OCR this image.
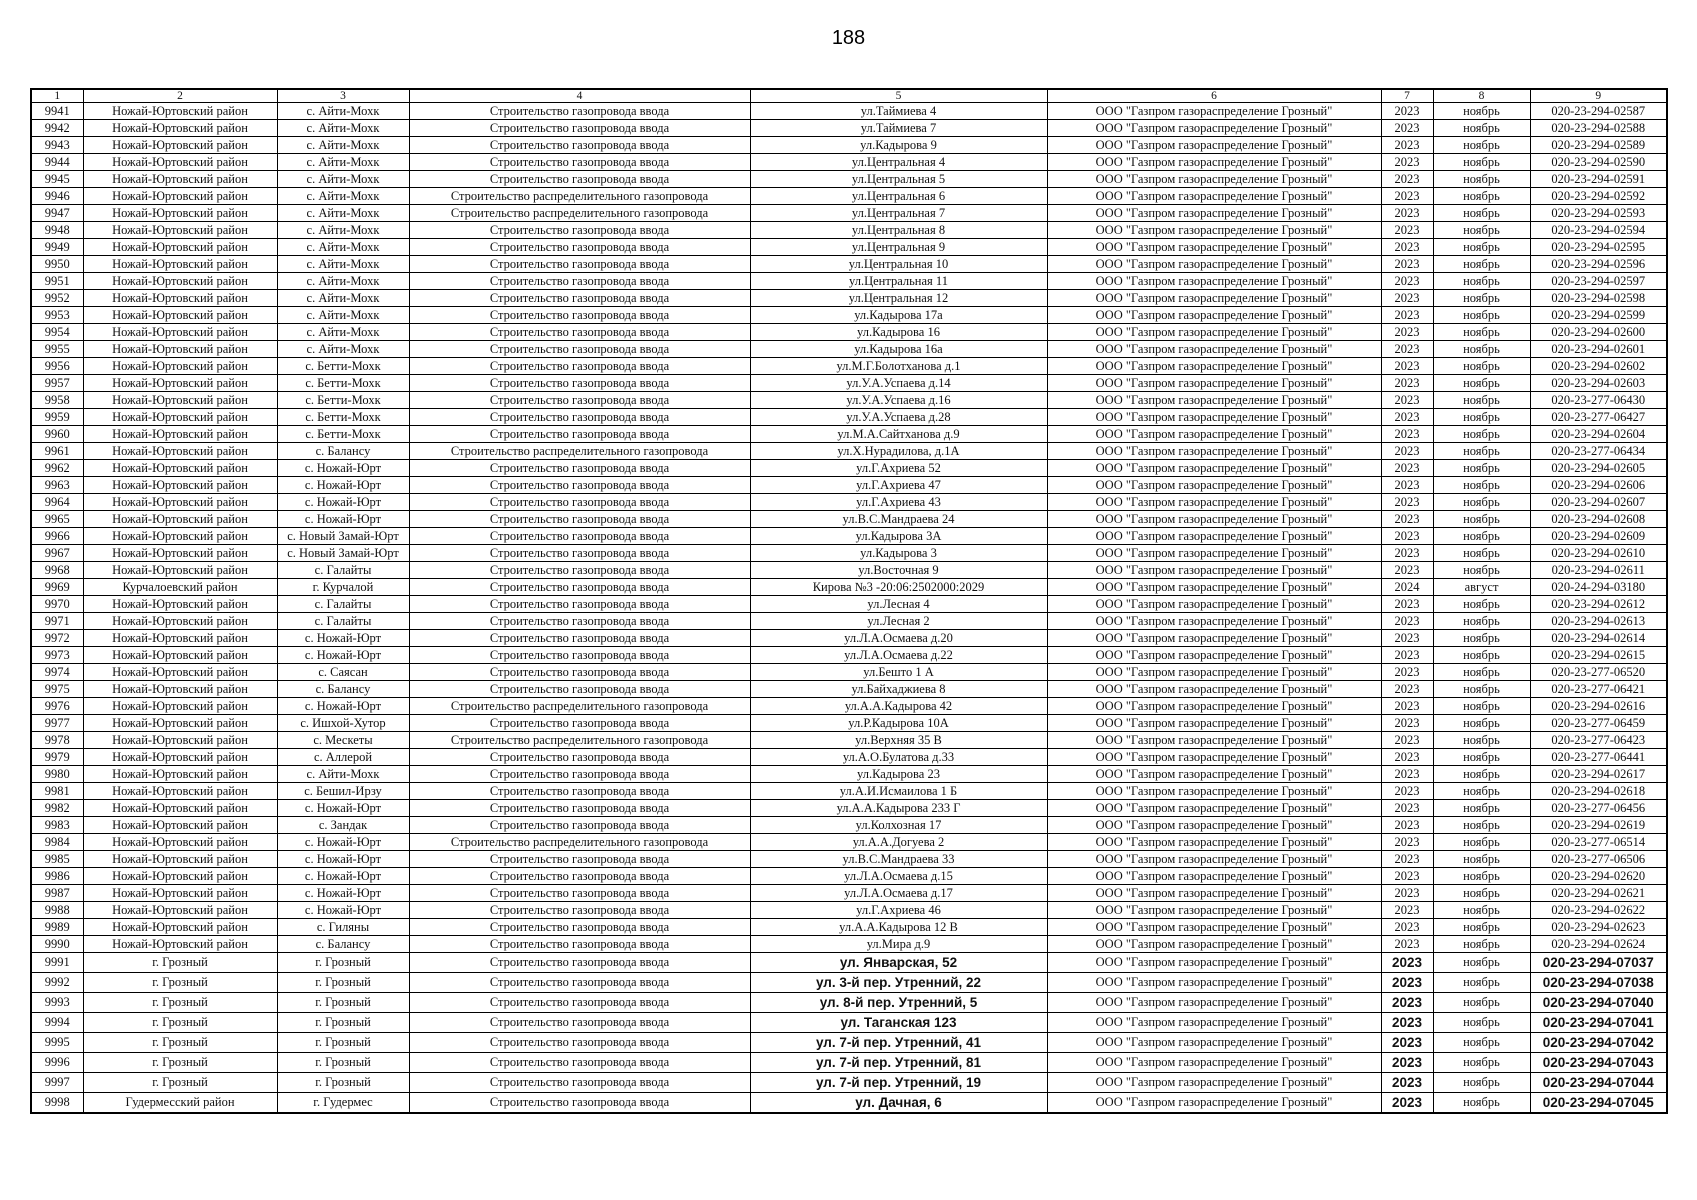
188
1	2	3	4	5	6	7	8	9
9941	Ножай-Юртовский район	с. Айти-Мохк	Строительство газопровода ввода	ул.Таймиева 4	ООО "Газпром газораспределение Грозный"	2023	ноябрь	020-23-294-02587
9942	Ножай-Юртовский район	с. Айти-Мохк	Строительство газопровода ввода	ул.Таймиева 7	ООО "Газпром газораспределение Грозный"	2023	ноябрь	020-23-294-02588
9943	Ножай-Юртовский район	с. Айти-Мохк	Строительство газопровода ввода	ул.Кадырова 9	ООО "Газпром газораспределение Грозный"	2023	ноябрь	020-23-294-02589
9944	Ножай-Юртовский район	с. Айти-Мохк	Строительство газопровода ввода	ул.Центральная 4	ООО "Газпром газораспределение Грозный"	2023	ноябрь	020-23-294-02590
9945	Ножай-Юртовский район	с. Айти-Мохк	Строительство газопровода ввода	ул.Центральная 5	ООО "Газпром газораспределение Грозный"	2023	ноябрь	020-23-294-02591
9946	Ножай-Юртовский район	с. Айти-Мохк	Строительство распределительного газопровода	ул.Центральная 6	ООО "Газпром газораспределение Грозный"	2023	ноябрь	020-23-294-02592
9947	Ножай-Юртовский район	с. Айти-Мохк	Строительство распределительного газопровода	ул.Центральная 7	ООО "Газпром газораспределение Грозный"	2023	ноябрь	020-23-294-02593
9948	Ножай-Юртовский район	с. Айти-Мохк	Строительство газопровода ввода	ул.Центральная 8	ООО "Газпром газораспределение Грозный"	2023	ноябрь	020-23-294-02594
9949	Ножай-Юртовский район	с. Айти-Мохк	Строительство газопровода ввода	ул.Центральная 9	ООО "Газпром газораспределение Грозный"	2023	ноябрь	020-23-294-02595
9950	Ножай-Юртовский район	с. Айти-Мохк	Строительство газопровода ввода	ул.Центральная 10	ООО "Газпром газораспределение Грозный"	2023	ноябрь	020-23-294-02596
9951	Ножай-Юртовский район	с. Айти-Мохк	Строительство газопровода ввода	ул.Центральная 11	ООО "Газпром газораспределение Грозный"	2023	ноябрь	020-23-294-02597
9952	Ножай-Юртовский район	с. Айти-Мохк	Строительство газопровода ввода	ул.Центральная 12	ООО "Газпром газораспределение Грозный"	2023	ноябрь	020-23-294-02598
9953	Ножай-Юртовский район	с. Айти-Мохк	Строительство газопровода ввода	ул.Кадырова 17а	ООО "Газпром газораспределение Грозный"	2023	ноябрь	020-23-294-02599
9954	Ножай-Юртовский район	с. Айти-Мохк	Строительство газопровода ввода	ул.Кадырова 16	ООО "Газпром газораспределение Грозный"	2023	ноябрь	020-23-294-02600
9955	Ножай-Юртовский район	с. Айти-Мохк	Строительство газопровода ввода	ул.Кадырова 16а	ООО "Газпром газораспределение Грозный"	2023	ноябрь	020-23-294-02601
9956	Ножай-Юртовский район	с. Бетти-Мохк	Строительство газопровода ввода	ул.М.Г.Болотханова д.1	ООО "Газпром газораспределение Грозный"	2023	ноябрь	020-23-294-02602
9957	Ножай-Юртовский район	с. Бетти-Мохк	Строительство газопровода ввода	ул.У.А.Успаева д.14	ООО "Газпром газораспределение Грозный"	2023	ноябрь	020-23-294-02603
9958	Ножай-Юртовский район	с. Бетти-Мохк	Строительство газопровода ввода	ул.У.А.Успаева д.16	ООО "Газпром газораспределение Грозный"	2023	ноябрь	020-23-277-06430
9959	Ножай-Юртовский район	с. Бетти-Мохк	Строительство газопровода ввода	ул.У.А.Успаева д.28	ООО "Газпром газораспределение Грозный"	2023	ноябрь	020-23-277-06427
9960	Ножай-Юртовский район	с. Бетти-Мохк	Строительство газопровода ввода	ул.М.А.Сайтханова д.9	ООО "Газпром газораспределение Грозный"	2023	ноябрь	020-23-294-02604
9961	Ножай-Юртовский район	с. Балансу	Строительство распределительного газопровода	ул.Х.Нурадилова, д.1А	ООО "Газпром газораспределение Грозный"	2023	ноябрь	020-23-277-06434
9962	Ножай-Юртовский район	с. Ножай-Юрт	Строительство газопровода ввода	ул.Г.Ахриева 52	ООО "Газпром газораспределение Грозный"	2023	ноябрь	020-23-294-02605
9963	Ножай-Юртовский район	с. Ножай-Юрт	Строительство газопровода ввода	ул.Г.Ахриева 47	ООО "Газпром газораспределение Грозный"	2023	ноябрь	020-23-294-02606
9964	Ножай-Юртовский район	с. Ножай-Юрт	Строительство газопровода ввода	ул.Г.Ахриева 43	ООО "Газпром газораспределение Грозный"	2023	ноябрь	020-23-294-02607
9965	Ножай-Юртовский район	с. Ножай-Юрт	Строительство газопровода ввода	ул.В.С.Мандраева 24	ООО "Газпром газораспределение Грозный"	2023	ноябрь	020-23-294-02608
9966	Ножай-Юртовский район	с. Новый Замай-Юрт	Строительство газопровода ввода	ул.Кадырова 3А	ООО "Газпром газораспределение Грозный"	2023	ноябрь	020-23-294-02609
9967	Ножай-Юртовский район	с. Новый Замай-Юрт	Строительство газопровода ввода	ул.Кадырова 3	ООО "Газпром газораспределение Грозный"	2023	ноябрь	020-23-294-02610
9968	Ножай-Юртовский район	с. Галайты	Строительство газопровода ввода	ул.Восточная 9	ООО "Газпром газораспределение Грозный"	2023	ноябрь	020-23-294-02611
9969	Курчалоевский район	г. Курчалой	Строительство газопровода ввода	Кирова №3 -20:06:2502000:2029	ООО "Газпром газораспределение Грозный"	2024	август	020-24-294-03180
9970	Ножай-Юртовский район	с. Галайты	Строительство газопровода ввода	ул.Лесная 4	ООО "Газпром газораспределение Грозный"	2023	ноябрь	020-23-294-02612
9971	Ножай-Юртовский район	с. Галайты	Строительство газопровода ввода	ул.Лесная 2	ООО "Газпром газораспределение Грозный"	2023	ноябрь	020-23-294-02613
9972	Ножай-Юртовский район	с. Ножай-Юрт	Строительство газопровода ввода	ул.Л.А.Осмаева д.20	ООО "Газпром газораспределение Грозный"	2023	ноябрь	020-23-294-02614
9973	Ножай-Юртовский район	с. Ножай-Юрт	Строительство газопровода ввода	ул.Л.А.Осмаева д.22	ООО "Газпром газораспределение Грозный"	2023	ноябрь	020-23-294-02615
9974	Ножай-Юртовский район	с. Саясан	Строительство газопровода ввода	ул.Бешто 1 А	ООО "Газпром газораспределение Грозный"	2023	ноябрь	020-23-277-06520
9975	Ножай-Юртовский район	с. Балансу	Строительство газопровода ввода	ул.Байхаджиева 8	ООО "Газпром газораспределение Грозный"	2023	ноябрь	020-23-277-06421
9976	Ножай-Юртовский район	с. Ножай-Юрт	Строительство распределительного газопровода	ул.А.А.Кадырова 42	ООО "Газпром газораспределение Грозный"	2023	ноябрь	020-23-294-02616
9977	Ножай-Юртовский район	с. Ишхой-Хутор	Строительство газопровода ввода	ул.Р.Кадырова 10А	ООО "Газпром газораспределение Грозный"	2023	ноябрь	020-23-277-06459
9978	Ножай-Юртовский район	с. Мескеты	Строительство распределительного газопровода	ул.Верхняя 35 В	ООО "Газпром газораспределение Грозный"	2023	ноябрь	020-23-277-06423
9979	Ножай-Юртовский район	с. Аллерой	Строительство газопровода ввода	ул.А.О.Булатова д.33	ООО "Газпром газораспределение Грозный"	2023	ноябрь	020-23-277-06441
9980	Ножай-Юртовский район	с. Айти-Мохк	Строительство газопровода ввода	ул.Кадырова 23	ООО "Газпром газораспределение Грозный"	2023	ноябрь	020-23-294-02617
9981	Ножай-Юртовский район	с. Бешил-Ирзу	Строительство газопровода ввода	ул.А.И.Исмаилова 1 Б	ООО "Газпром газораспределение Грозный"	2023	ноябрь	020-23-294-02618
9982	Ножай-Юртовский район	с. Ножай-Юрт	Строительство газопровода ввода	ул.А.А.Кадырова 233 Г	ООО "Газпром газораспределение Грозный"	2023	ноябрь	020-23-277-06456
9983	Ножай-Юртовский район	с. Зандак	Строительство газопровода ввода	ул.Колхозная 17	ООО "Газпром газораспределение Грозный"	2023	ноябрь	020-23-294-02619
9984	Ножай-Юртовский район	с. Ножай-Юрт	Строительство распределительного газопровода	ул.А.А.Догуева 2	ООО "Газпром газораспределение Грозный"	2023	ноябрь	020-23-277-06514
9985	Ножай-Юртовский район	с. Ножай-Юрт	Строительство газопровода ввода	ул.В.С.Мандраева 33	ООО "Газпром газораспределение Грозный"	2023	ноябрь	020-23-277-06506
9986	Ножай-Юртовский район	с. Ножай-Юрт	Строительство газопровода ввода	ул.Л.А.Осмаева д.15	ООО "Газпром газораспределение Грозный"	2023	ноябрь	020-23-294-02620
9987	Ножай-Юртовский район	с. Ножай-Юрт	Строительство газопровода ввода	ул.Л.А.Осмаева д.17	ООО "Газпром газораспределение Грозный"	2023	ноябрь	020-23-294-02621
9988	Ножай-Юртовский район	с. Ножай-Юрт	Строительство газопровода ввода	ул.Г.Ахриева 46	ООО "Газпром газораспределение Грозный"	2023	ноябрь	020-23-294-02622
9989	Ножай-Юртовский район	с. Гиляны	Строительство газопровода ввода	ул.А.А.Кадырова 12 В	ООО "Газпром газораспределение Грозный"	2023	ноябрь	020-23-294-02623
9990	Ножай-Юртовский район	с. Балансу	Строительство газопровода ввода	ул.Мира д.9	ООО "Газпром газораспределение Грозный"	2023	ноябрь	020-23-294-02624
9991	г. Грозный	г. Грозный	Строительство газопровода ввода	ул. Январская, 52	ООО "Газпром газораспределение Грозный"	2023	ноябрь	020-23-294-07037
9992	г. Грозный	г. Грозный	Строительство газопровода ввода	ул. 3-й пер. Утренний, 22	ООО "Газпром газораспределение Грозный"	2023	ноябрь	020-23-294-07038
9993	г. Грозный	г. Грозный	Строительство газопровода ввода	ул. 8-й пер. Утренний, 5	ООО "Газпром газораспределение Грозный"	2023	ноябрь	020-23-294-07040
9994	г. Грозный	г. Грозный	Строительство газопровода ввода	ул. Таганская 123	ООО "Газпром газораспределение Грозный"	2023	ноябрь	020-23-294-07041
9995	г. Грозный	г. Грозный	Строительство газопровода ввода	ул. 7-й пер. Утренний, 41	ООО "Газпром газораспределение Грозный"	2023	ноябрь	020-23-294-07042
9996	г. Грозный	г. Грозный	Строительство газопровода ввода	ул. 7-й пер. Утренний, 81	ООО "Газпром газораспределение Грозный"	2023	ноябрь	020-23-294-07043
9997	г. Грозный	г. Грозный	Строительство газопровода ввода	ул. 7-й пер. Утренний, 19	ООО "Газпром газораспределение Грозный"	2023	ноябрь	020-23-294-07044
9998	Гудермесский район	г. Гудермес	Строительство газопровода ввода	ул. Дачная, 6	ООО "Газпром газораспределение Грозный"	2023	ноябрь	020-23-294-07045
